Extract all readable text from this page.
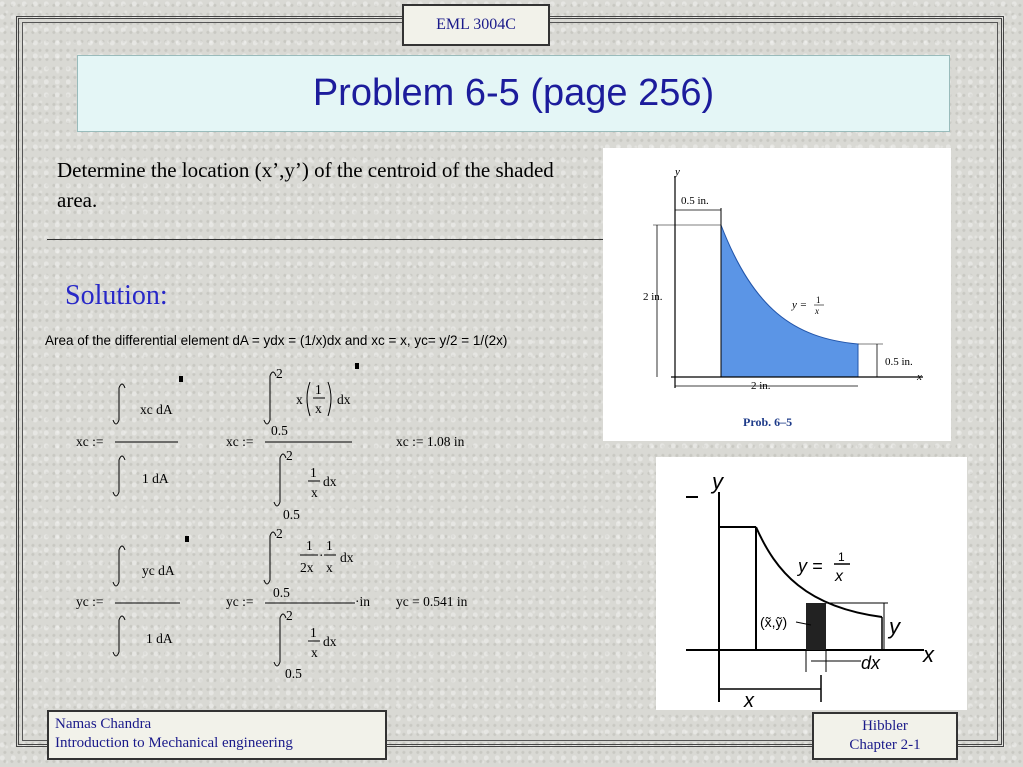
EML 3004C
Problem 6-5 (page 256)
Determine the location (x’,y’) of the centroid of the shaded area.
Solution:
Area of the differential element dA = ydx = (1/x)dx and xc = x, yc= y/2 = 1/(2x)
xc :=
xc dA
1 dA
xc :=
2
0.5
x
1
x
dx
2
0.5
1
x
dx
xc := 1.08 in
yc :=
yc dA
1 dA
yc :=
2
0.5
1
2x
·
1
x
dx
·in
2
0.5
1
x
dx
yc = 0.541 in
y
x
0.5 in.
2 in.
0.5 in.
2 in.
y = 1
x
Prob. 6–5
y
x
dx
y
(x̃,ỹ)
y = 1
x
x
Namas Chandra
Introduction to Mechanical engineering
Hibbler
Chapter 2-1
